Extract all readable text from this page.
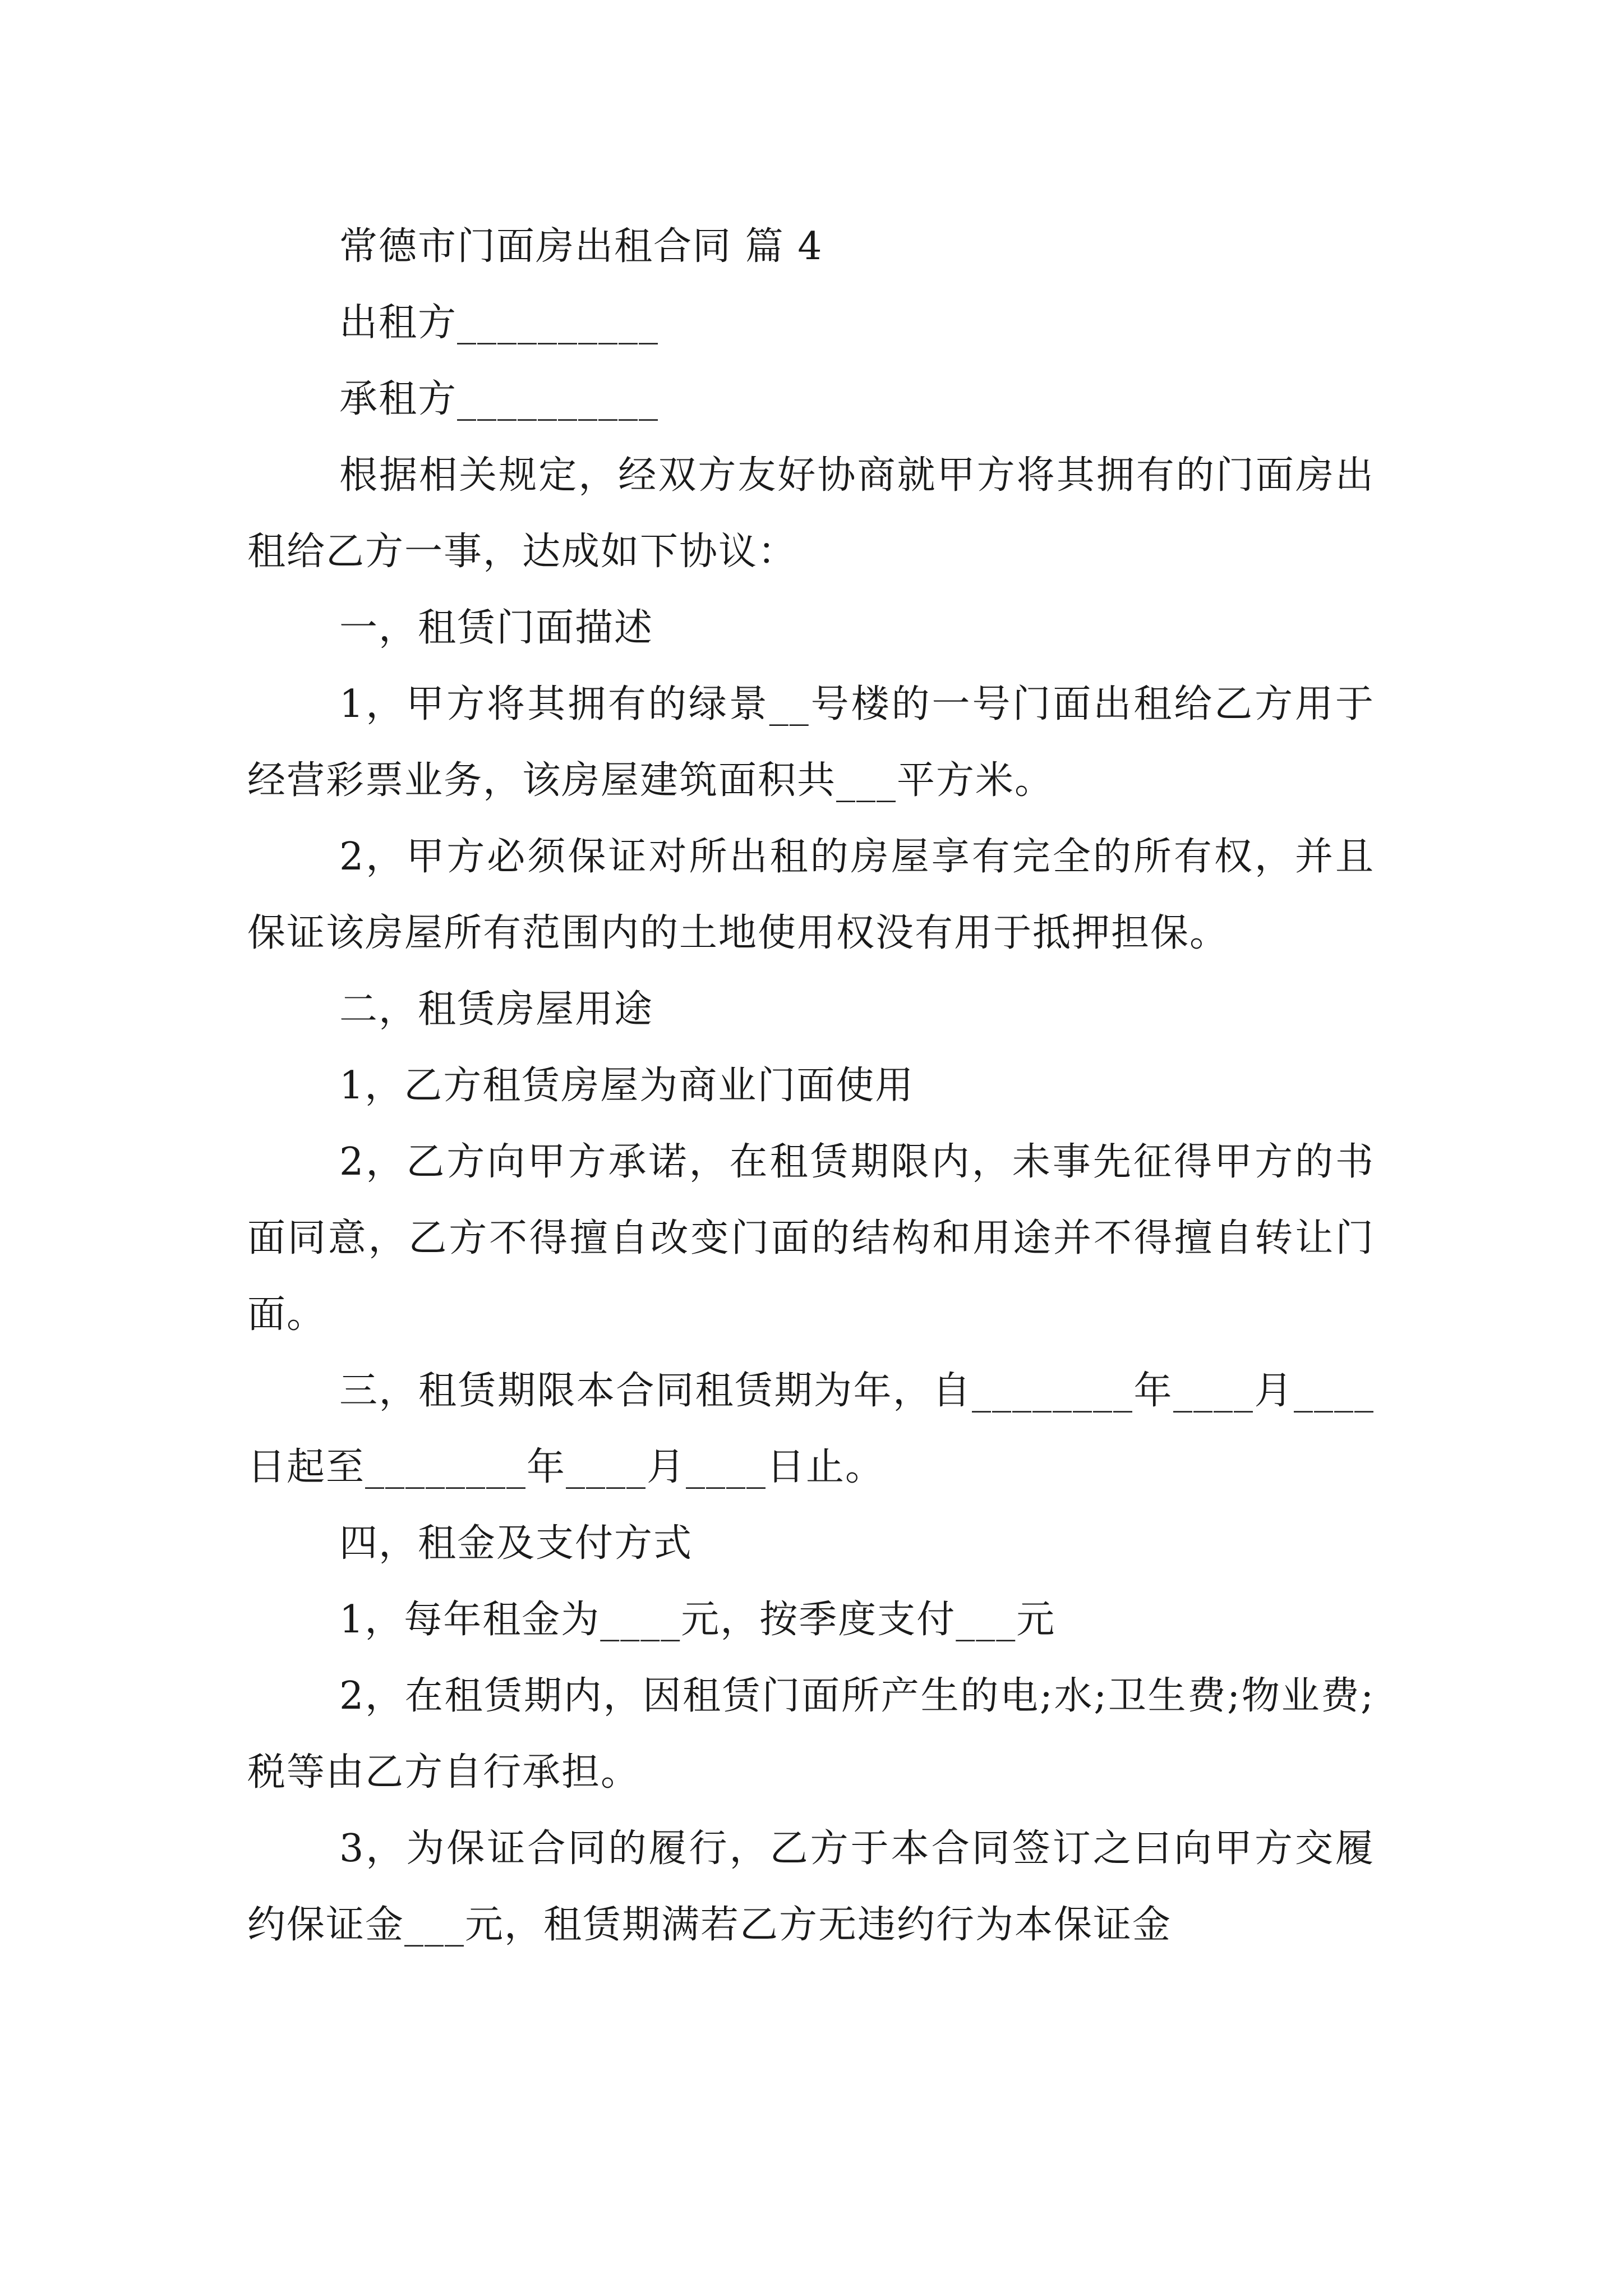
常德市门面房出租合同 篇 4

出租方__________

承租方__________

根据相关规定，经双方友好协商就甲方将其拥有的门面房出租给乙方一事，达成如下协议：

一，租赁门面描述

1，甲方将其拥有的绿景__号楼的一号门面出租给乙方用于经营彩票业务，该房屋建筑面积共___平方米。

2，甲方必须保证对所出租的房屋享有完全的所有权，并且保证该房屋所有范围内的土地使用权没有用于抵押担保。

二，租赁房屋用途

1，乙方租赁房屋为商业门面使用

2，乙方向甲方承诺，在租赁期限内，未事先征得甲方的书面同意，乙方不得擅自改变门面的结构和用途并不得擅自转让门面。

三，租赁期限本合同租赁期为年，自________年____月____日起至________年____月____日止。

四，租金及支付方式

1，每年租金为____元，按季度支付___元

2，在租赁期内，因租赁门面所产生的电;水;卫生费;物业费;税等由乙方自行承担。

3，为保证合同的履行，乙方于本合同签订之曰向甲方交履约保证金___元，租赁期满若乙方无违约行为本保证金
